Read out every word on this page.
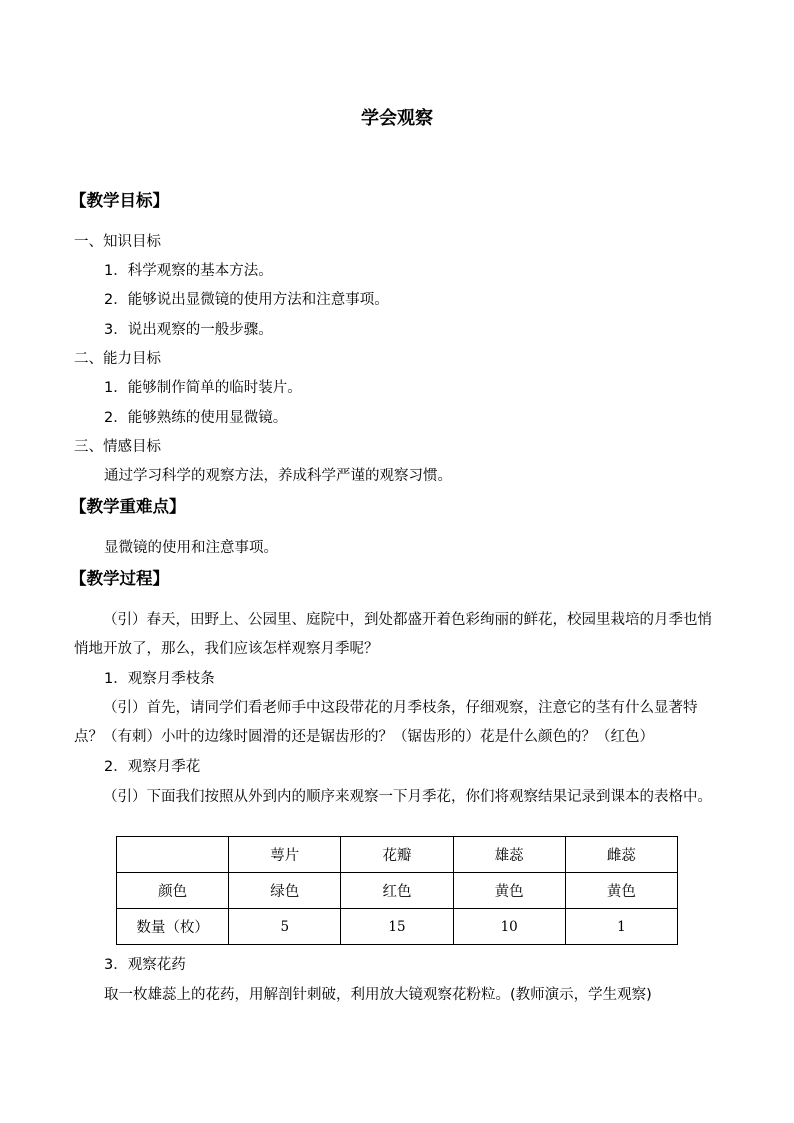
学会观察
【教学目标】
一、知识目标
1．科学观察的基本方法。
2．能够说出显微镜的使用方法和注意事项。
3．说出观察的一般步骤。
二、能力目标
1．能够制作简单的临时装片。
2．能够熟练的使用显微镜。
三、情感目标
通过学习科学的观察方法，养成科学严谨的观察习惯。
【教学重难点】
显微镜的使用和注意事项。
【教学过程】
（引）春天，田野上、公园里、庭院中，到处都盛开着色彩绚丽的鲜花，校园里栽培的月季也悄悄地开放了，那么，我们应该怎样观察月季呢？
1．观察月季枝条
（引）首先，请同学们看老师手中这段带花的月季枝条，仔细观察，注意它的茎有什么显著特点？（有刺）小叶的边缘时圆滑的还是锯齿形的？（锯齿形的）花是什么颜色的？（红色）
2．观察月季花
（引）下面我们按照从外到内的顺序来观察一下月季花，你们将观察结果记录到课本的表格中。
	萼片	花瓣	雄蕊	雌蕊
颜色	绿色	红色	黄色	黄色
数量（枚）	5	15	10	1
3．观察花药
取一枚雄蕊上的花药，用解剖针刺破，利用放大镜观察花粉粒。(教师演示，学生观察)
